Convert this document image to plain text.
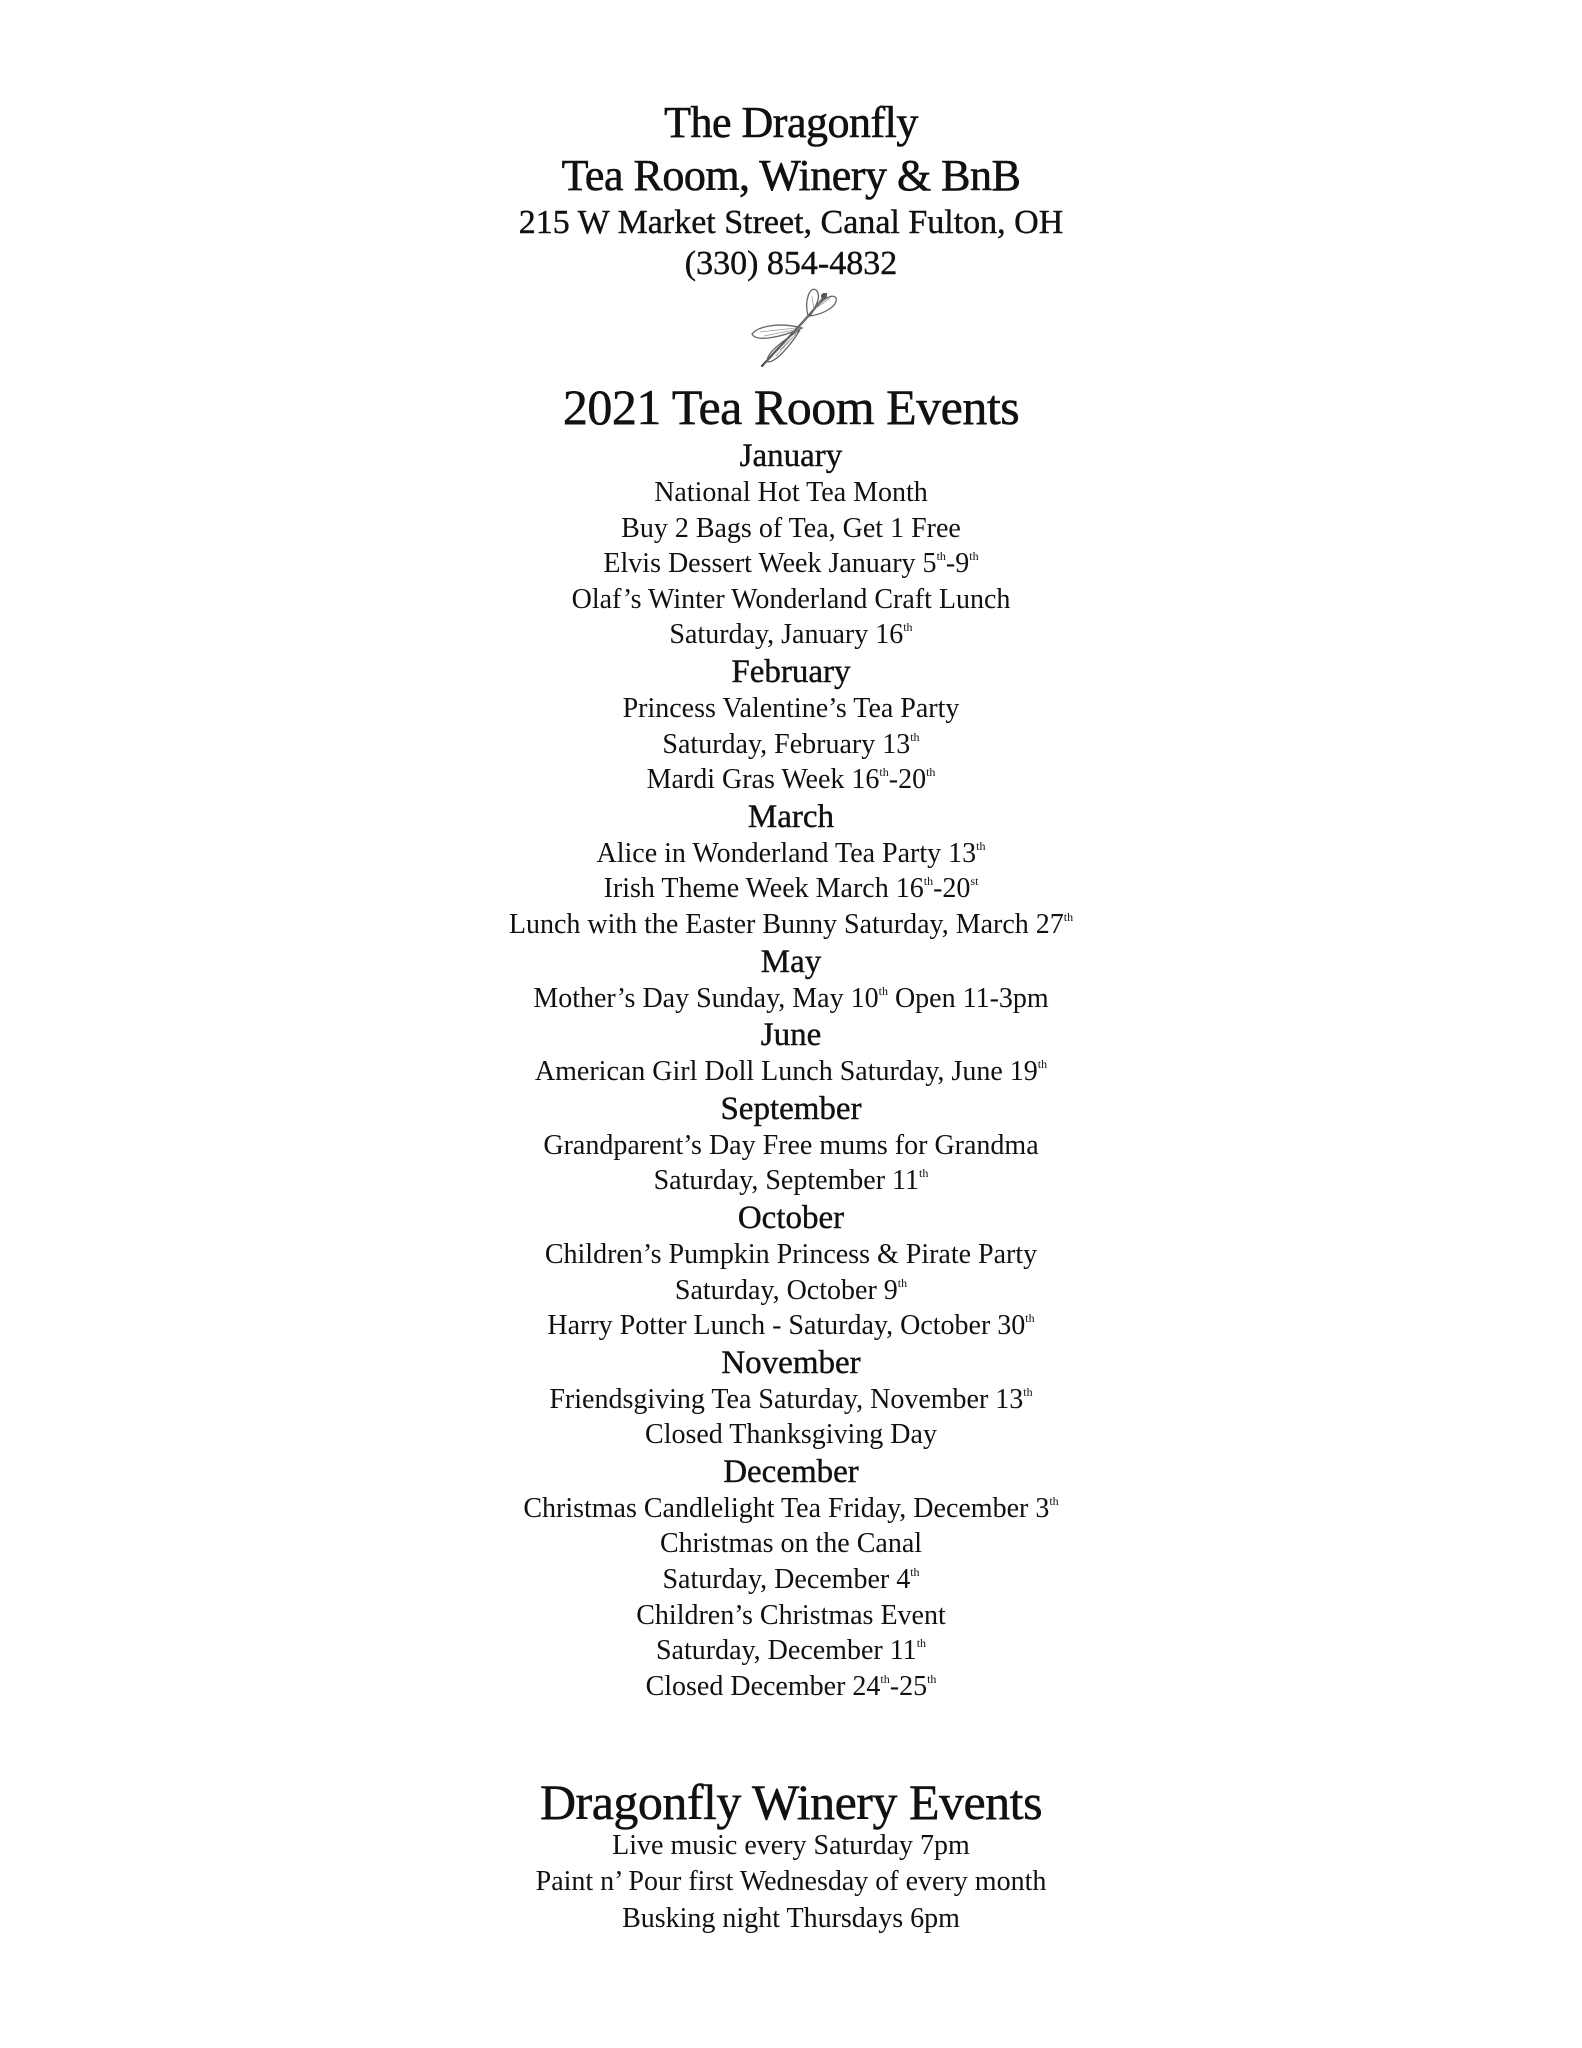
The Dragonfly
Tea Room, Winery & BnB
215 W Market Street, Canal Fulton, OH
(330) 854-4832
2021 Tea Room Events
January
National Hot Tea Month
Buy 2 Bags of Tea, Get 1 Free
Elvis Dessert Week January 5th-9th
Olaf’s Winter Wonderland Craft Lunch
Saturday, January 16th
February
Princess Valentine’s Tea Party
Saturday, February 13th
Mardi Gras Week 16th-20th
March
Alice in Wonderland Tea Party 13th
Irish Theme Week March 16th-20st
Lunch with the Easter Bunny Saturday, March 27th
May
Mother’s Day Sunday, May 10th Open 11-3pm
June
American Girl Doll Lunch Saturday, June 19th
September
Grandparent’s Day Free mums for Grandma
Saturday, September 11th
October
Children’s Pumpkin Princess & Pirate Party
Saturday, October 9th
Harry Potter Lunch - Saturday, October 30th
November
Friendsgiving Tea Saturday, November 13th
Closed Thanksgiving Day
December
Christmas Candlelight Tea Friday, December 3th
Christmas on the Canal
Saturday, December 4th
Children’s Christmas Event
Saturday, December 11th
Closed December 24th-25th
Dragonfly Winery Events
Live music every Saturday 7pm
Paint n’ Pour first Wednesday of every month
Busking night Thursdays 6pm
